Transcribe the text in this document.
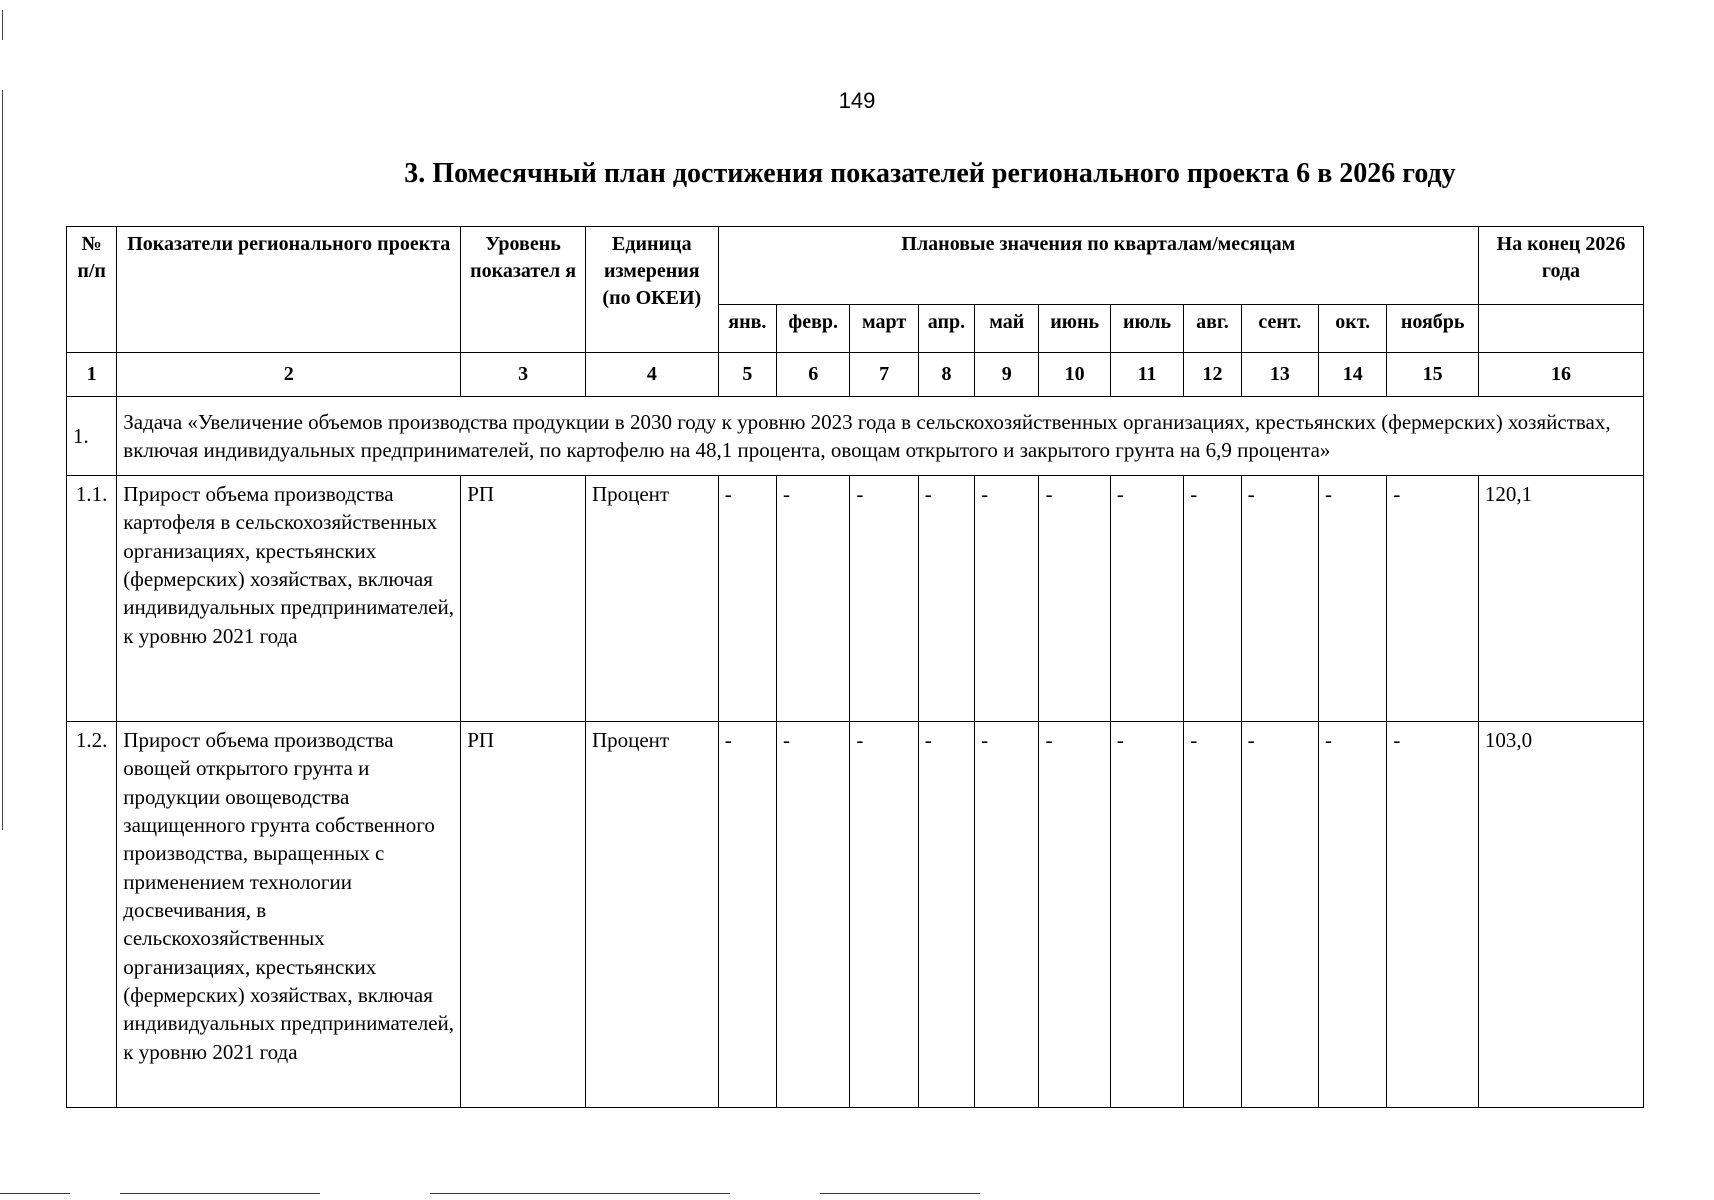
149
3. Помесячный план достижения показателей регионального проекта 6 в 2026 году
№ п/п	Показатели регионального проекта	Уровень показател я	Единица измерения (по ОКЕИ)	Плановые значения по кварталам/месяцам											На конец 2026 года
				янв.	февр.	март	апр.	май	июнь	июль	авг.	сент.	окт.	ноябрь	
1	2	3	4	5	6	7	8	9	10	11	12	13	14	15	16
1.	Задача «Увеличение объемов производства продукции в 2030 году к уровню 2023 года в сельскохозяйственных организациях, крестьянских (фермерских) хозяйствах, включая индивидуальных предпринимателей, по картофелю на 48,1 процента, овощам открытого и закрытого грунта на 6,9 процента»														
1.1.	Прирост объема производства картофеля в сельскохозяйственных организациях, крестьянских (фермерских) хозяйствах, включая индивидуальных предпринимателей, к уровню 2021 года	РП	Процент	-	-	-	-	-	-	-	-	-	-	-	120,1
1.2.	Прирост объема производства овощей открытого грунта и продукции овощеводства защищенного грунта собственного производства, выращенных с применением технологии досвечивания, в сельскохозяйственных организациях, крестьянских (фермерских) хозяйствах, включая индивидуальных предпринимателей, к уровню 2021 года	РП	Процент	-	-	-	-	-	-	-	-	-	-	-	103,0
